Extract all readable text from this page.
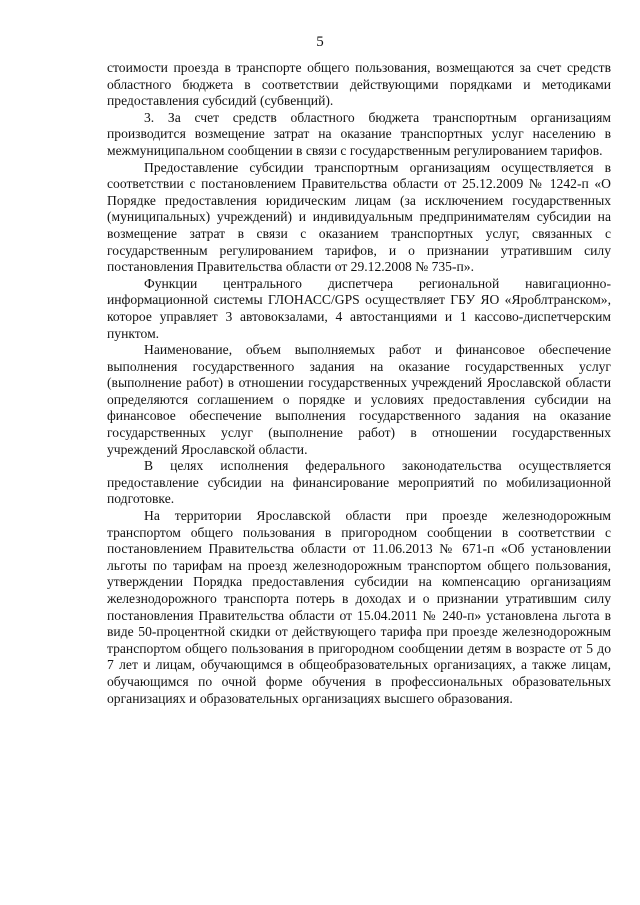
5

стоимости проезда в транспорте общего пользования, возмещаются за счет средств областного бюджета в соответствии действующими порядками и методиками предоставления субсидий (субвенций).

3. За счет средств областного бюджета транспортным организациям производится возмещение затрат на оказание транспортных услуг населению в межмуниципальном сообщении в связи с государственным регулированием тарифов.

Предоставление субсидии транспортным организациям осуществляется в соответствии с постановлением Правительства области от 25.12.2009 № 1242-п «О Порядке предоставления юридическим лицам (за исключением государственных (муниципальных) учреждений) и индивидуальным предпринимателям субсидии на возмещение затрат в связи с оказанием транспортных услуг, связанных с государственным регулированием тарифов, и о признании утратившим силу постановления Правительства области от 29.12.2008 № 735-п».

Функции центрального диспетчера региональной навигационно-информационной системы ГЛОНАСС/GPS осуществляет ГБУ ЯО «Яроблтранском», которое управляет 3 автовокзалами, 4 автостанциями и 1 кассово-диспетчерским пунктом.

Наименование, объем выполняемых работ и финансовое обеспечение выполнения государственного задания на оказание государственных услуг (выполнение работ) в отношении государственных учреждений Ярославской области определяются соглашением о порядке и условиях предоставления субсидии на финансовое обеспечение выполнения государственного задания на оказание государственных услуг (выполнение работ) в отношении государственных учреждений Ярославской области.

В целях исполнения федерального законодательства осуществляется предоставление субсидии на финансирование мероприятий по мобилизационной подготовке.

На территории Ярославской области при проезде железнодорожным транспортом общего пользования в пригородном сообщении в соответствии с постановлением Правительства области от 11.06.2013 № 671-п «Об установлении льготы по тарифам на проезд железнодорожным транспортом общего пользования, утверждении Порядка предоставления субсидии на компенсацию организациям железнодорожного транспорта потерь в доходах и о признании утратившим силу постановления Правительства области от 15.04.2011 № 240-п» установлена льгота в виде 50-процентной скидки от действующего тарифа при проезде железнодорожным транспортом общего пользования в пригородном сообщении детям в возрасте от 5 до 7 лет и лицам, обучающимся в общеобразовательных организациях, а также лицам, обучающимся по очной форме обучения в профессиональных образовательных организациях и образовательных организациях высшего образования.
